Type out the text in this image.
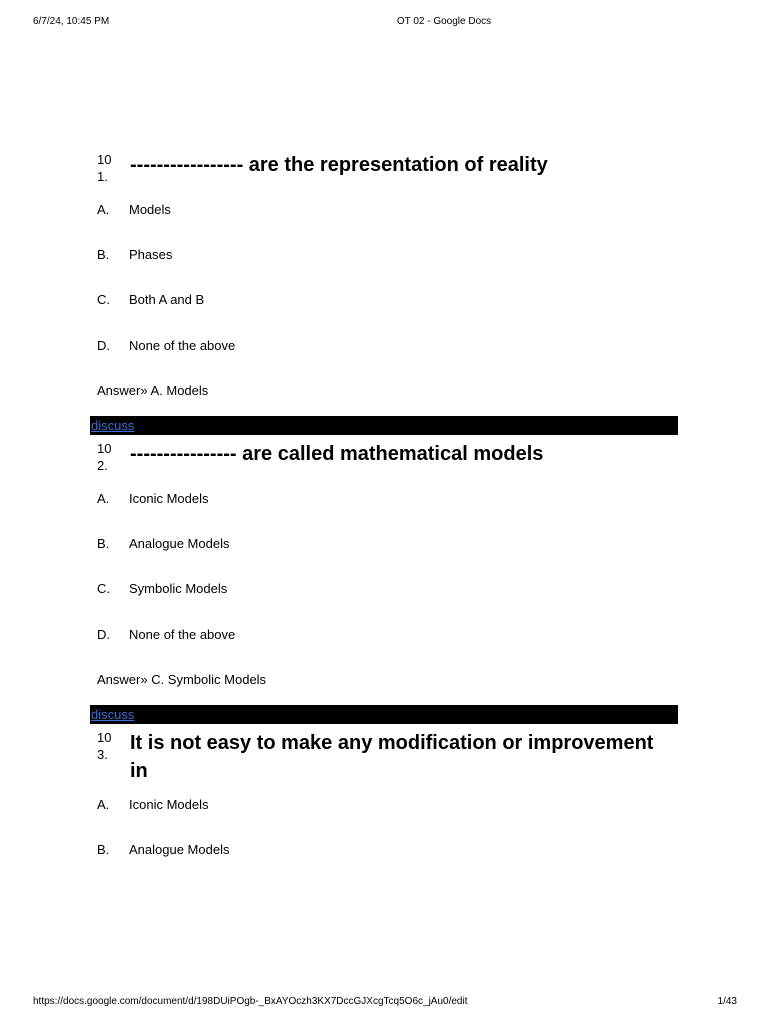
6/7/24, 10:45 PM	OT 02 - Google Docs
10
1.
----------------- are the representation of reality
A. Models
B. Phases
C. Both A and B
D. None of the above
Answer» A. Models
discuss
10
2.
---------------- are called mathematical models
A. Iconic Models
B. Analogue Models
C. Symbolic Models
D. None of the above
Answer» C. Symbolic Models
discuss
10
3.
It is not easy to make any modification or improvement in
A. Iconic Models
B. Analogue Models
https://docs.google.com/document/d/198DUiPOgb-_BxAYOczh3KX7DccGJXcgTcq5O6c_jAu0/edit	1/43
